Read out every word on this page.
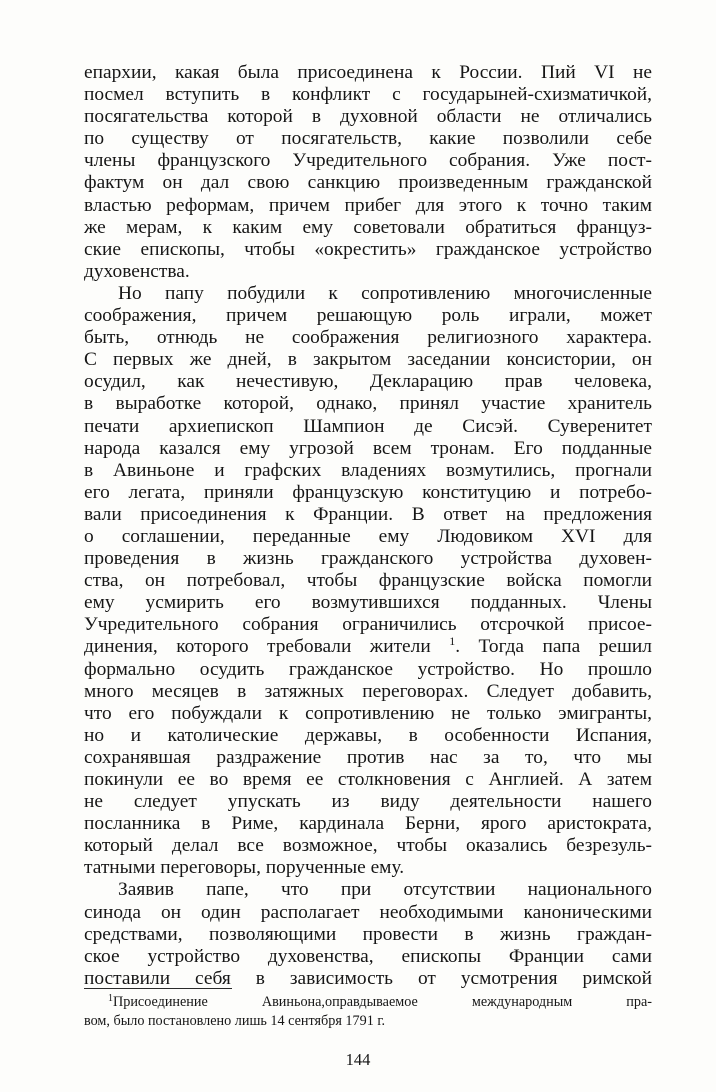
епархии, какая была присоединена к России. Пий VI не
посмел вступить в конфликт с государыней-схизматичкой,
посягательства которой в духовной области не отличались
по существу от посягательств, какие позволили себе
члены французского Учредительного собрания. Уже пост-
фактум он дал свою санкцию произведенным гражданской
властью реформам, причем прибег для этого к точно таким
же мерам, к каким ему советовали обратиться француз-
ские епископы, чтобы «окрестить» гражданское устройство
духовенства.
Но папу побудили к сопротивлению многочисленные
соображения, причем решающую роль играли, может
быть, отнюдь не соображения религиозного характера.
С первых же дней, в закрытом заседании консистории, он
осудил, как нечестивую, Декларацию прав человека,
в выработке которой, однако, принял участие хранитель
печати архиепископ Шампион де Сисэй. Суверенитет
народа казался ему угрозой всем тронам. Его подданные
в Авиньоне и графских владениях возмутились, прогнали
его легата, приняли французскую конституцию и потребо-
вали присоединения к Франции. В ответ на предложения
о соглашении, переданные ему Людовиком XVI для
проведения в жизнь гражданского устройства духовен-
ства, он потребовал, чтобы французские войска помогли
ему усмирить его возмутившихся подданных. Члены
Учредительного собрания ограничились отсрочкой присое-
динения, которого требовали жители $^1$. Тогда папа решил
формально осудить гражданское устройство. Но прошло
много месяцев в затяжных переговорах. Следует добавить,
что его побуждали к сопротивлению не только эмигранты,
но и католические державы, в особенности Испания,
сохранявшая раздражение против нас за то, что мы
покинули ее во время ее столкновения с Англией. А затем
не следует упускать из виду деятельности нашего
посланника в Риме, кардинала Берни, ярого аристократа,
который делал все возможное, чтобы оказались безрезуль-
татными переговоры, порученные ему.
Заявив папе, что при отсутствии национального
синода он один располагает необходимыми каноническими
средствами, позволяющими провести в жизнь граждан-
ское устройство духовенства, епископы Франции сами
поставили себя в зависимость от усмотрения римской
$^1$Присоединение Авиньона,оправдываемое международным пра-
вом, было постановлено лишь 14 сентября 1791 г.
144
